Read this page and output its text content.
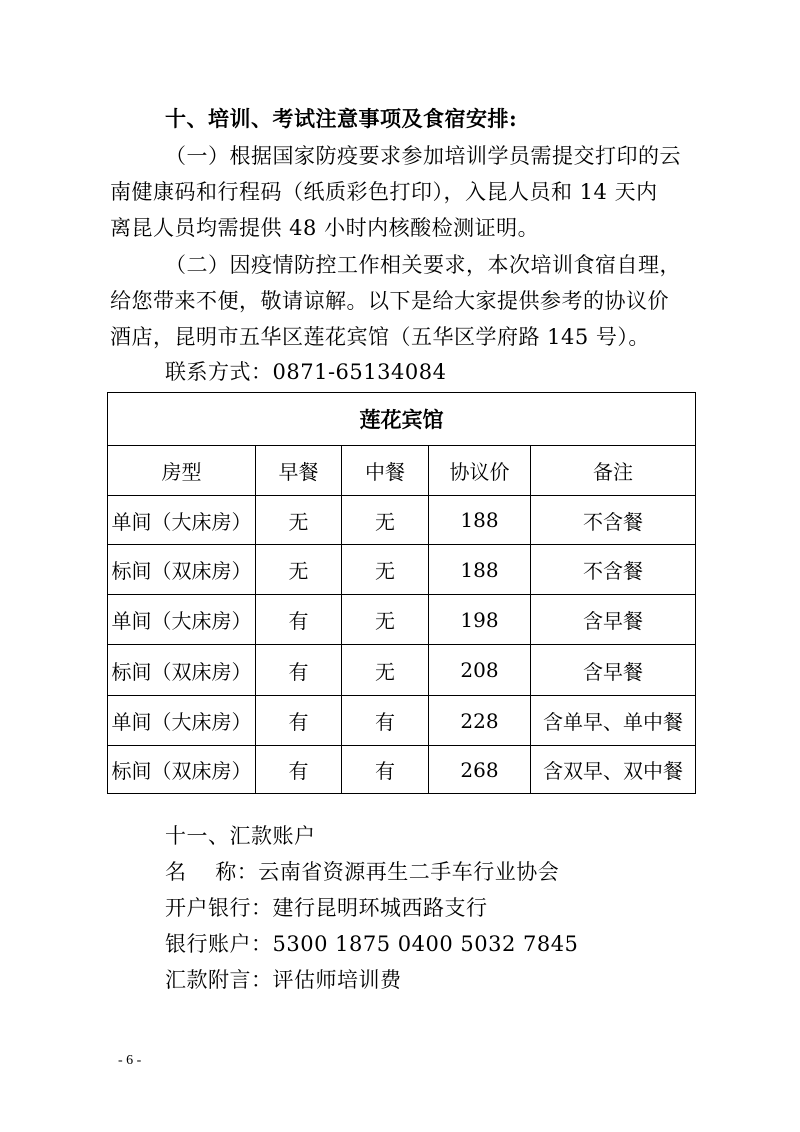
十、培训、考试注意事项及食宿安排:
（一）根据国家防疫要求参加培训学员需提交打印的云
南健康码和行程码（纸质彩色打印），入昆人员和 14 天内
离昆人员均需提供 48 小时内核酸检测证明。
（二）因疫情防控工作相关要求，本次培训食宿自理，
给您带来不便，敬请谅解。以下是给大家提供参考的协议价
酒店，昆明市五华区莲花宾馆（五华区学府路 145 号）。
联系方式：0871-65134084
莲花宾馆				
房型	早餐	中餐	协议价	备注
单间（大床房）	无	无	188	不含餐
标间（双床房）	无	无	188	不含餐
单间（大床房）	有	无	198	含早餐
标间（双床房）	有	无	208	含早餐
单间（大床房）	有	有	228	含单早、单中餐
标间（双床房）	有	有	268	含双早、双中餐
十一、汇款账户
名    称：云南省资源再生二手车行业协会
开户银行：建行昆明环城西路支行
银行账户：5300 1875 0400 5032 7845
汇款附言：评估师培训费
- 6 -
